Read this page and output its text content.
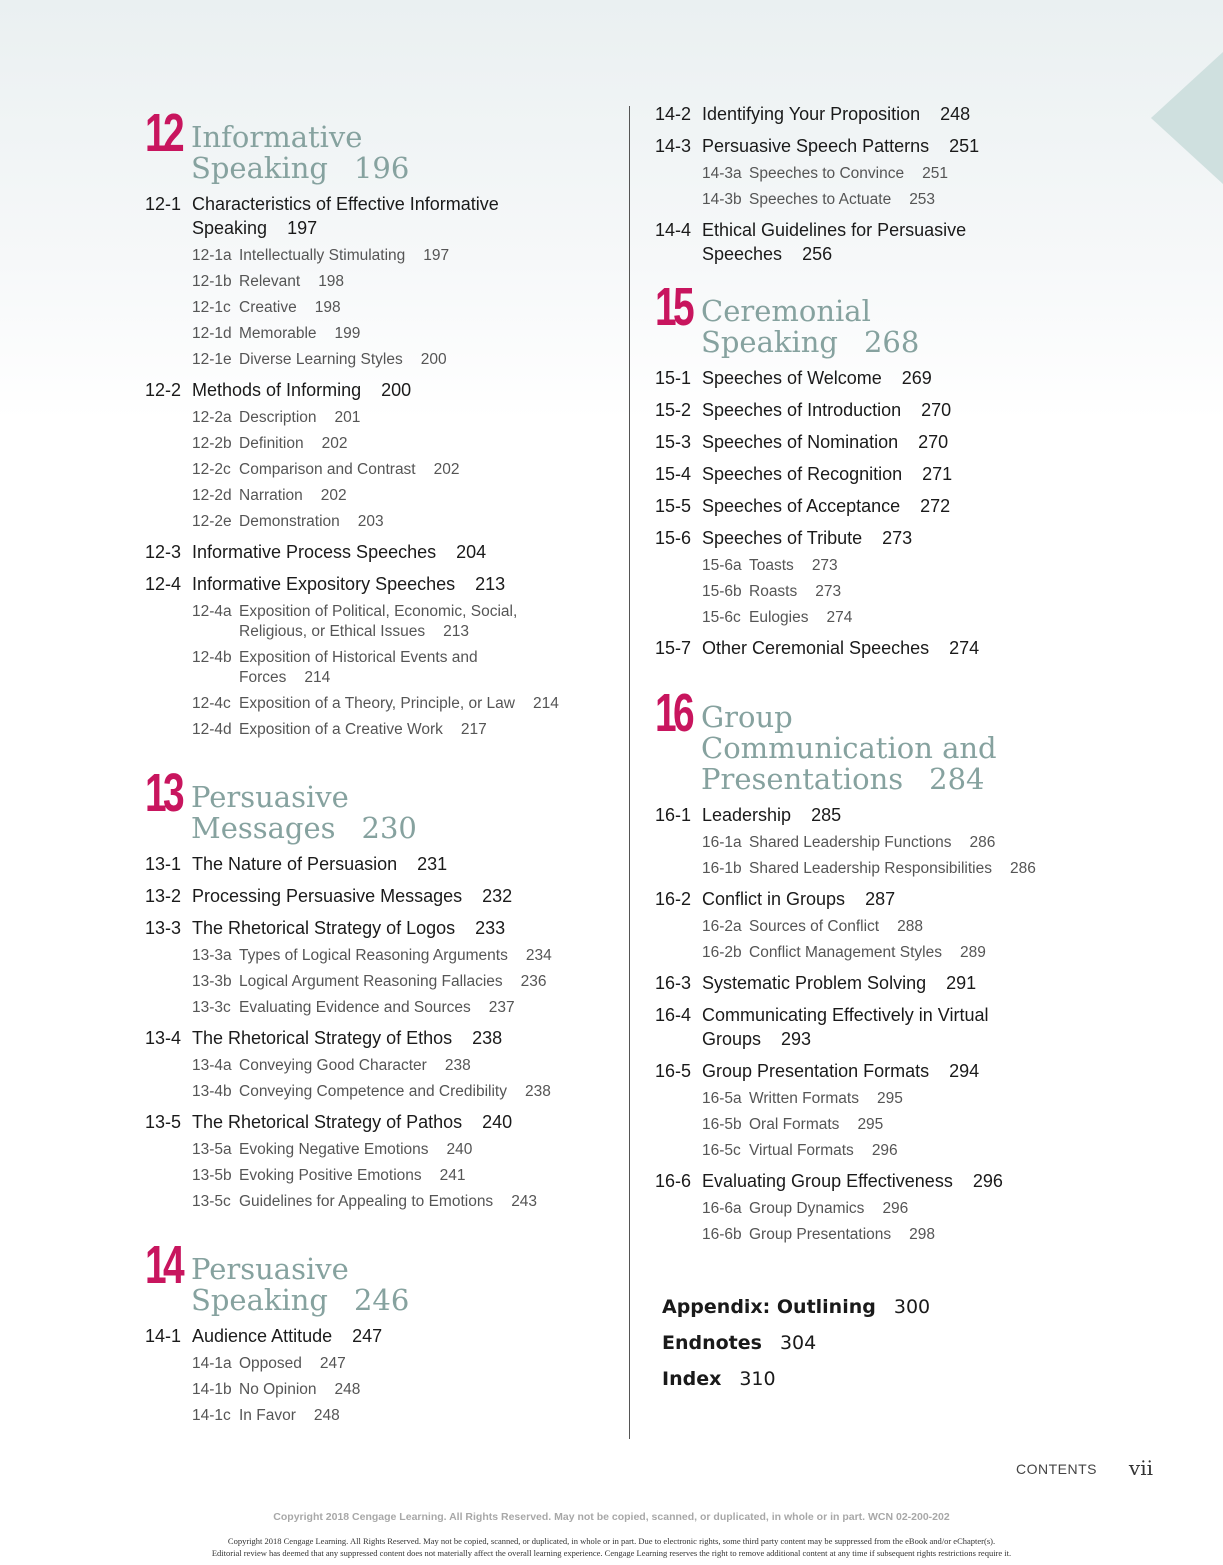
12 Informative Speaking 196
12-1 Characteristics of Effective Informative Speaking 197
12-1a Intellectually Stimulating 197
12-1b Relevant 198
12-1c Creative 198
12-1d Memorable 199
12-1e Diverse Learning Styles 200
12-2 Methods of Informing 200
12-2a Description 201
12-2b Definition 202
12-2c Comparison and Contrast 202
12-2d Narration 202
12-2e Demonstration 203
12-3 Informative Process Speeches 204
12-4 Informative Expository Speeches 213
12-4a Exposition of Political, Economic, Social, Religious, or Ethical Issues 213
12-4b Exposition of Historical Events and Forces 214
12-4c Exposition of a Theory, Principle, or Law 214
12-4d Exposition of a Creative Work 217
13 Persuasive Messages 230
13-1 The Nature of Persuasion 231
13-2 Processing Persuasive Messages 232
13-3 The Rhetorical Strategy of Logos 233
13-3a Types of Logical Reasoning Arguments 234
13-3b Logical Argument Reasoning Fallacies 236
13-3c Evaluating Evidence and Sources 237
13-4 The Rhetorical Strategy of Ethos 238
13-4a Conveying Good Character 238
13-4b Conveying Competence and Credibility 238
13-5 The Rhetorical Strategy of Pathos 240
13-5a Evoking Negative Emotions 240
13-5b Evoking Positive Emotions 241
13-5c Guidelines for Appealing to Emotions 243
14 Persuasive Speaking 246
14-1 Audience Attitude 247
14-1a Opposed 247
14-1b No Opinion 248
14-1c In Favor 248
14-2 Identifying Your Proposition 248
14-3 Persuasive Speech Patterns 251
14-3a Speeches to Convince 251
14-3b Speeches to Actuate 253
14-4 Ethical Guidelines for Persuasive Speeches 256
15 Ceremonial Speaking 268
15-1 Speeches of Welcome 269
15-2 Speeches of Introduction 270
15-3 Speeches of Nomination 270
15-4 Speeches of Recognition 271
15-5 Speeches of Acceptance 272
15-6 Speeches of Tribute 273
15-6a Toasts 273
15-6b Roasts 273
15-6c Eulogies 274
15-7 Other Ceremonial Speeches 274
16 Group Communication and Presentations 284
16-1 Leadership 285
16-1a Shared Leadership Functions 286
16-1b Shared Leadership Responsibilities 286
16-2 Conflict in Groups 287
16-2a Sources of Conflict 288
16-2b Conflict Management Styles 289
16-3 Systematic Problem Solving 291
16-4 Communicating Effectively in Virtual Groups 293
16-5 Group Presentation Formats 294
16-5a Written Formats 295
16-5b Oral Formats 295
16-5c Virtual Formats 296
16-6 Evaluating Group Effectiveness 296
16-6a Group Dynamics 296
16-6b Group Presentations 298
Appendix: Outlining 300
Endnotes 304
Index 310
CONTENTS vii
Copyright 2018 Cengage Learning. All Rights Reserved. May not be copied, scanned, or duplicated, in whole or in part. WCN 02-200-202
Copyright 2018 Cengage Learning. All Rights Reserved. May not be copied, scanned, or duplicated, in whole or in part. Due to electronic rights, some third party content may be suppressed from the eBook and/or eChapter(s).
Editorial review has deemed that any suppressed content does not materially affect the overall learning experience. Cengage Learning reserves the right to remove additional content at any time if subsequent rights restrictions require it.
